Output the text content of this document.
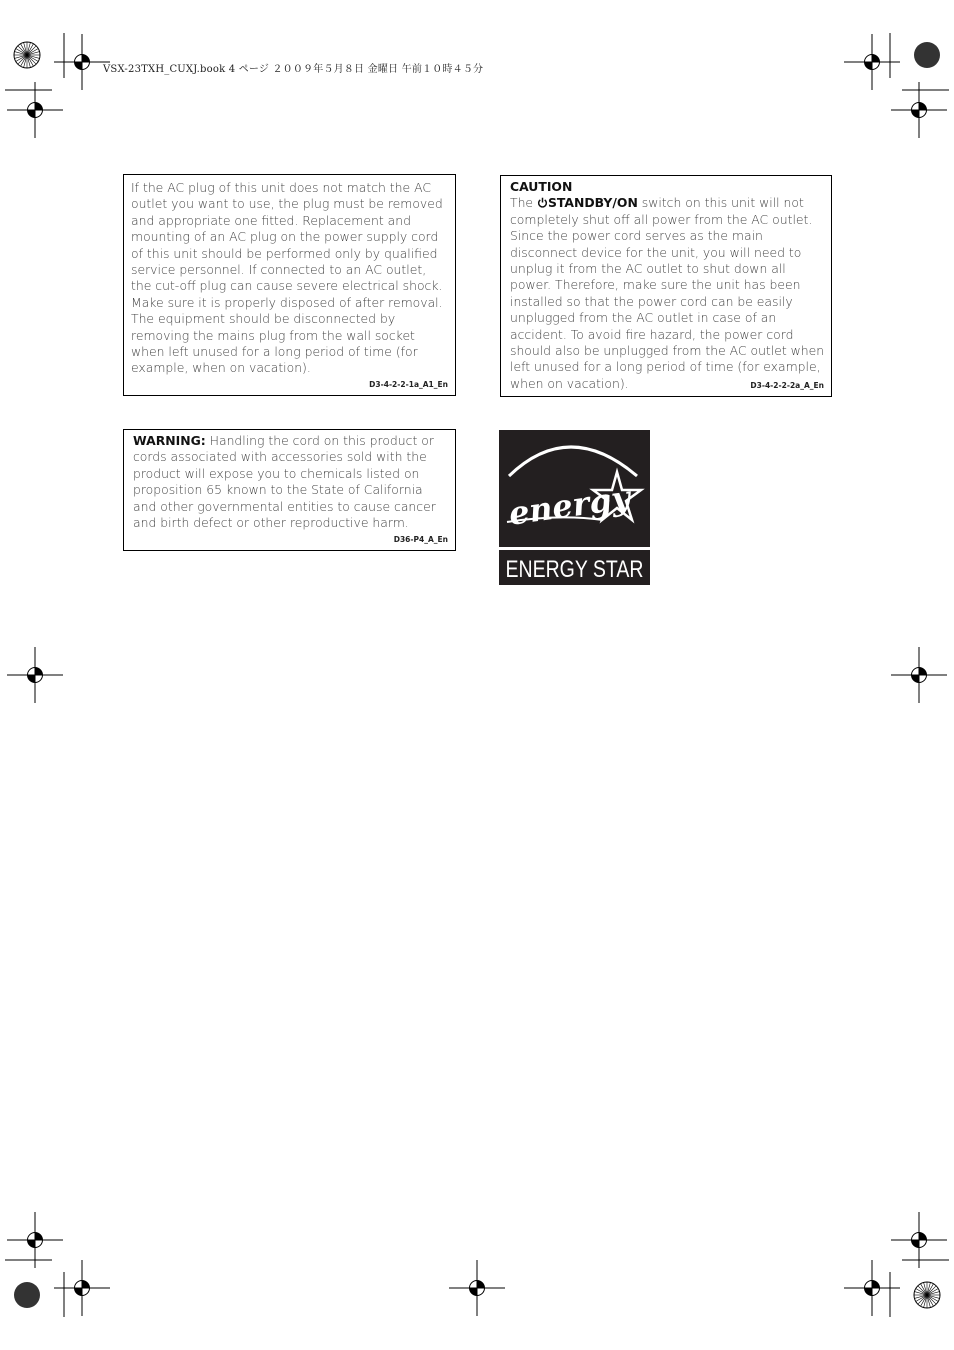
VSX-23TXH_CUXJ.book 4 ページ ２００９年５月８日 金曜日 午前１０時４５分

If the AC plug of this unit does not match the AC outlet you want to use, the plug must be removed and appropriate one fitted. Replacement and mounting of an AC plug on the power supply cord of this unit should be performed only by qualified service personnel. If connected to an AC outlet, the cut-off plug can cause severe electrical shock. Make sure it is properly disposed of after removal.

The equipment should be disconnected by removing the mains plug from the wall socket when left unused for a long period of time (for example, when on vacation).

D3-4-2-2-1a_A1_En

CAUTION

The STANDBY/ON switch on this unit will not completely shut off all power from the AC outlet. Since the power cord serves as the main disconnect device for the unit, you will need to unplug it from the AC outlet to shut down all power. Therefore, make sure the unit has been installed so that the power cord can be easily unplugged from the AC outlet in case of an accident. To avoid fire hazard, the power cord should also be unplugged from the AC outlet when left unused for a long period of time (for example, when on vacation).	D3-4-2-2-2a_A_En

WARNING: Handling the cord on this product or cords associated with accessories sold with the product will expose you to chemicals listed on proposition 65 known to the State of California and other governmental entities to cause cancer and birth defect or other reproductive harm.

D36-P4_A_En
energy
ENERGY STAR
